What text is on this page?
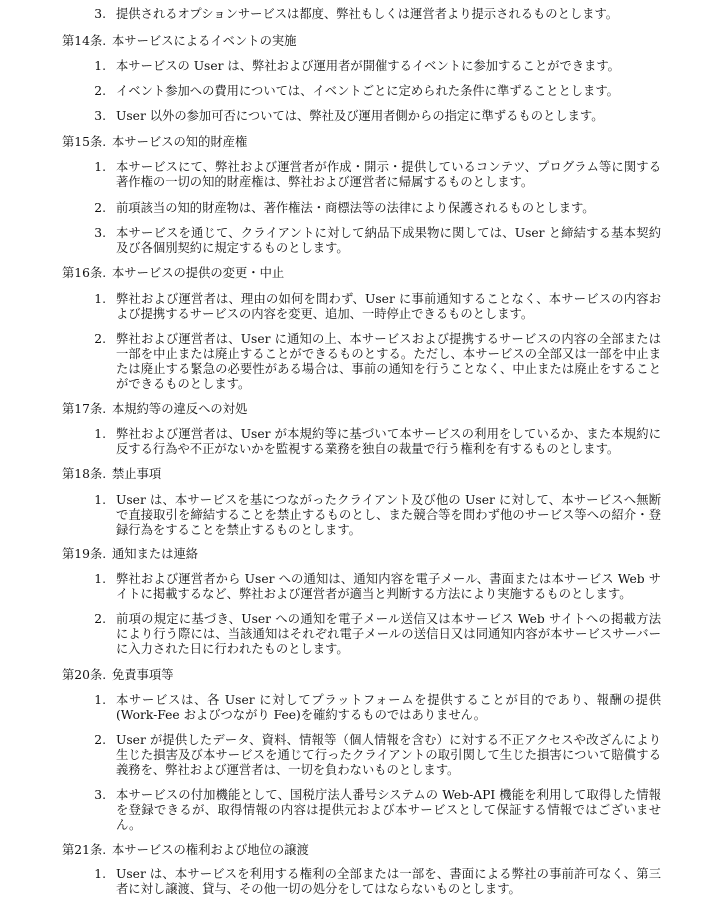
3. 提供されるオプションサービスは都度、弊社もしくは運営者より提示されるものとします。
第14条. 本サービスによるイベントの実施
1. 本サービスの User は、弊社および運用者が開催するイベントに参加することができます。
2. イベント参加への費用については、イベントごとに定められた条件に準ずることとします。
3. User 以外の参加可否については、弊社及び運用者側からの指定に準ずるものとします。
第15条. 本サービスの知的財産権
1. 本サービスにて、弊社および運営者が作成・開示・提供しているコンテツ、プログラム等に関する著作権の一切の知的財産権は、弊社および運営者に帰属するものとします。
2. 前項該当の知的財産物は、著作権法・商標法等の法律により保護されるものとします。
3. 本サービスを通じて、クライアントに対して納品下成果物に関しては、User と締結する基本契約及び各個別契約に規定するものとします。
第16条. 本サービスの提供の変更・中止
1. 弊社および運営者は、理由の如何を問わず、User に事前通知することなく、本サービスの内容および提携するサービスの内容を変更、追加、一時停止できるものとします。
2. 弊社および運営者は、User に通知の上、本サービスおよび提携するサービスの内容の全部または一部を中止または廃止することができるものとする。ただし、本サービスの全部又は一部を中止または廃止する緊急の必要性がある場合は、事前の通知を行うことなく、中止または廃止をすることができるものとします。
第17条. 本規約等の違反への対処
1. 弊社および運営者は、User が本規約等に基づいて本サービスの利用をしているか、また本規約に反する行為や不正がないかを監視する業務を独自の裁量で行う権利を有するものとします。
第18条. 禁止事項
1. User は、本サービスを基につながったクライアント及び他の User に対して、本サービスへ無断で直接取引を締結することを禁止するものとし、また競合等を問わず他のサービス等への紹介・登録行為をすることを禁止するものとします。
第19条. 通知または連絡
1. 弊社および運営者から User への通知は、通知内容を電子メール、書面または本サービス Web サイトに掲載するなど、弊社および運営者が適当と判断する方法により実施するものとします。
2. 前項の規定に基づき、User への通知を電子メール送信又は本サービス Web サイトへの掲載方法により行う際には、当該通知はそれぞれ電子メールの送信日又は同通知内容が本サービスサーバーに入力された日に行われたものとします。
第20条. 免責事項等
1. 本サービスは、各 User に対してプラットフォームを提供することが目的であり、報酬の提供(Work-Fee およびつながり Fee)を確約するものではありません。
2. User が提供したデータ、資料、情報等（個人情報を含む）に対する不正アクセスや改ざんにより生じた損害及び本サービスを通じて行ったクライアントの取引関して生じた損害について賠償する義務を、弊社および運営者は、一切を負わないものとします。
3. 本サービスの付加機能として、国税庁法人番号システムの Web-API 機能を利用して取得した情報を登録できるが、取得情報の内容は提供元および本サービスとして保証する情報ではございません。
第21条. 本サービスの権利および地位の譲渡
1. User は、本サービスを利用する権利の全部または一部を、書面による弊社の事前許可なく、第三者に対し譲渡、貸与、その他一切の処分をしてはならないものとします。
